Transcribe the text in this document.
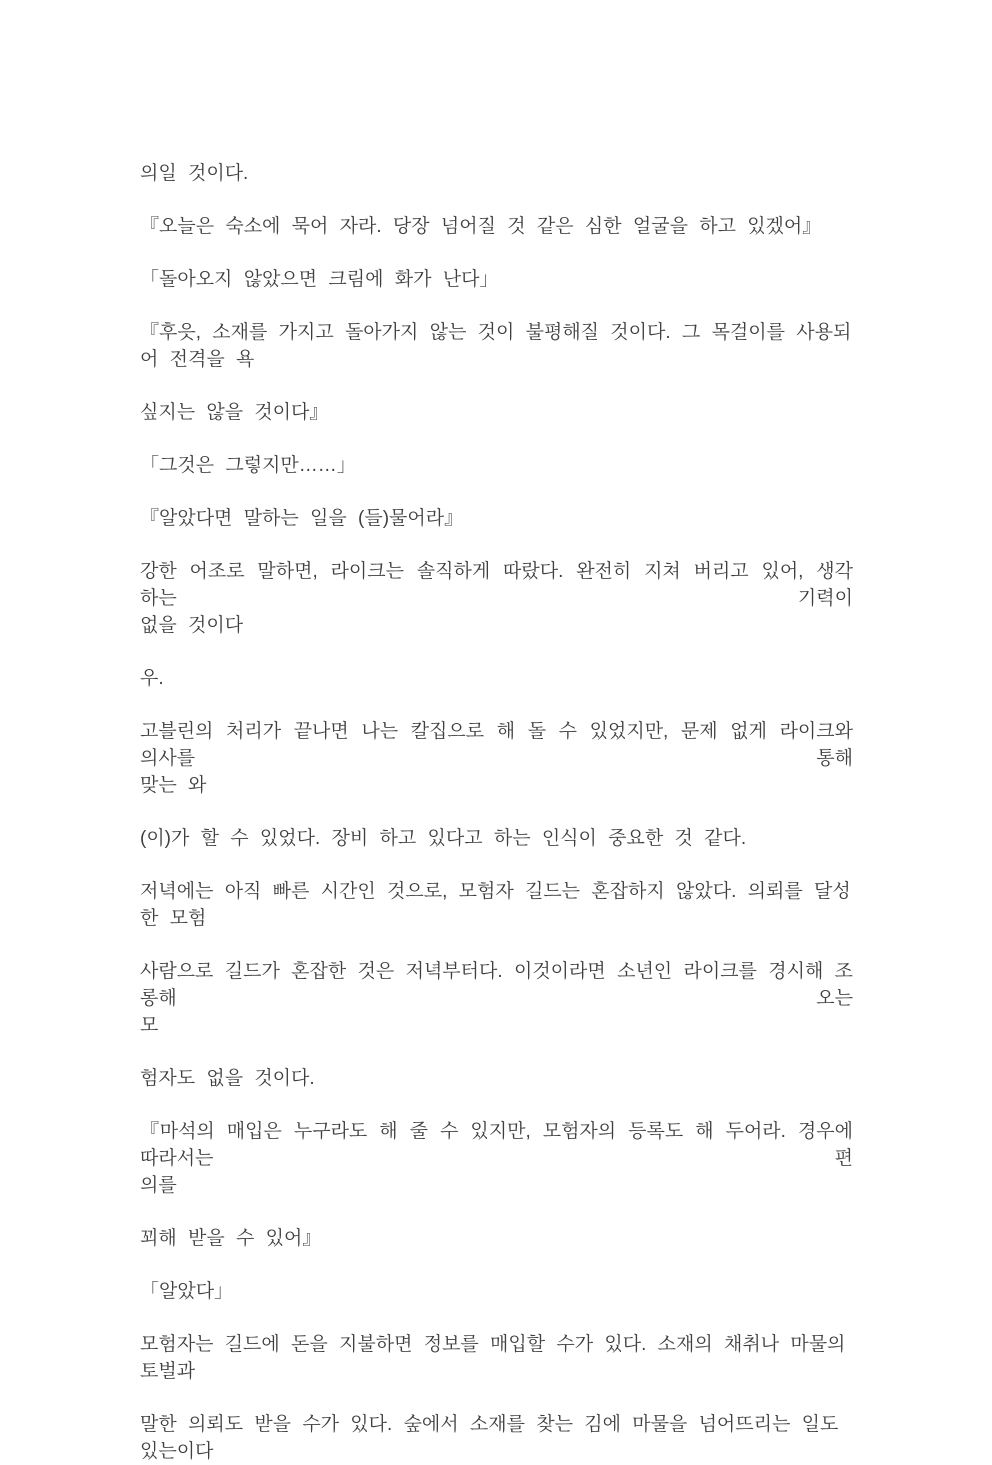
의일 것이다.

『오늘은 숙소에 묵어 자라. 당장 넘어질 것 같은 심한 얼굴을 하고 있겠어』

「돌아오지 않았으면 크림에 화가 난다」

『후읏, 소재를 가지고 돌아가지 않는 것이 불평해질 것이다. 그 목걸이를 사용되어 전격을 욕

싶지는 않을 것이다』

「그것은 그렇지만……」

『알았다면 말하는 일을 (들)물어라』

강한 어조로 말하면, 라이크는 솔직하게 따랐다. 완전히 지쳐 버리고 있어, 생각하는 기력이
없을 것이다

우.

고블린의 처리가 끝나면 나는 칼집으로 해 돌 수 있었지만, 문제 없게 라이크와 의사를 통해
맞는 와

(이)가 할 수 있었다. 장비 하고 있다고 하는 인식이 중요한 것 같다.

저녁에는 아직 빠른 시간인 것으로, 모험자 길드는 혼잡하지 않았다. 의뢰를 달성한 모험

사람으로 길드가 혼잡한 것은 저녁부터다. 이것이라면 소년인 라이크를 경시해 조롱해 오는
모

험자도 없을 것이다.

『마석의 매입은 누구라도 해 줄 수 있지만, 모험자의 등록도 해 두어라. 경우에 따라서는 편
의를

꾀해 받을 수 있어』

「알았다」

모험자는 길드에 돈을 지불하면 정보를 매입할 수가 있다. 소재의 채취나 마물의 토벌과

말한 의뢰도 받을 수가 있다. 숲에서 소재를 찾는 김에 마물을 넘어뜨리는 일도 있는이다
